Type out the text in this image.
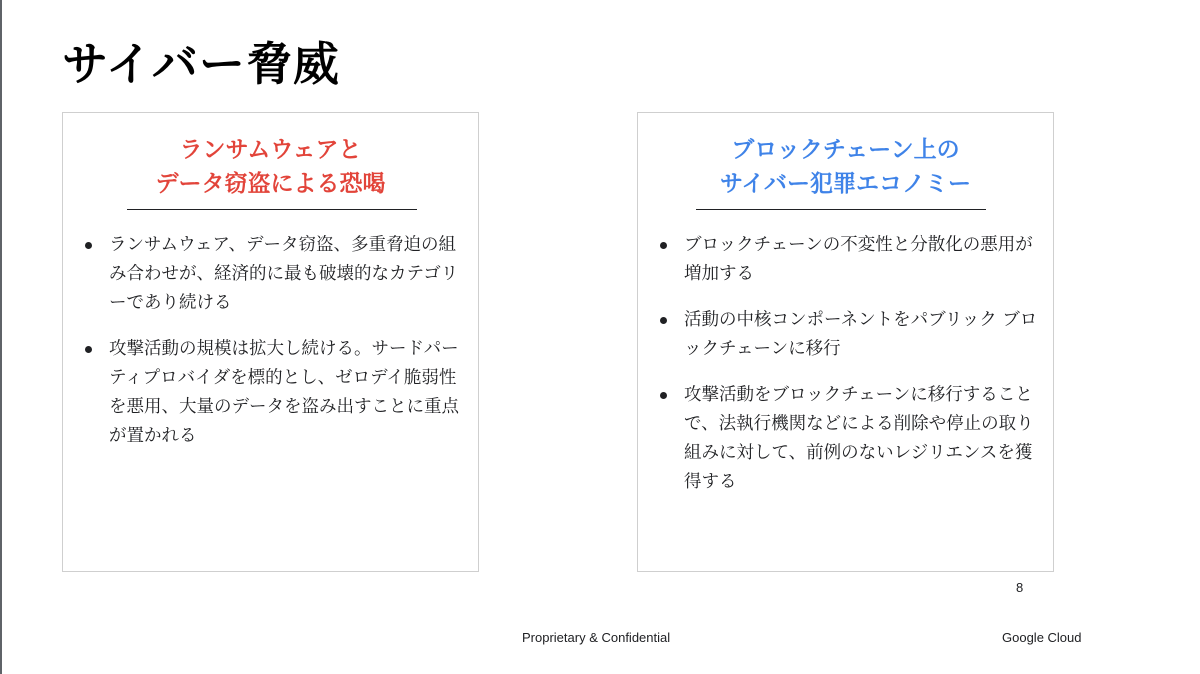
サイバー脅威
ランサムウェアと
データ窃盗による恐喝
ランサムウェア、データ窃盗、多重脅迫の組み合わせが、経済的に最も破壊的なカテゴリーであり続ける
攻撃活動の規模は拡大し続ける。サードパーティプロバイダを標的とし、ゼロデイ脆弱性を悪用、大量のデータを盗み出すことに重点が置かれる
ブロックチェーン上の
サイバー犯罪エコノミー
ブロックチェーンの不変性と分散化の悪用が増加する
活動の中核コンポーネントをパブリック ブロックチェーンに移行
攻撃活動をブロックチェーンに移行することで、法執行機関などによる削除や停止の取り組みに対して、前例のないレジリエンスを獲得する
8
Proprietary & Confidential	Google Cloud
